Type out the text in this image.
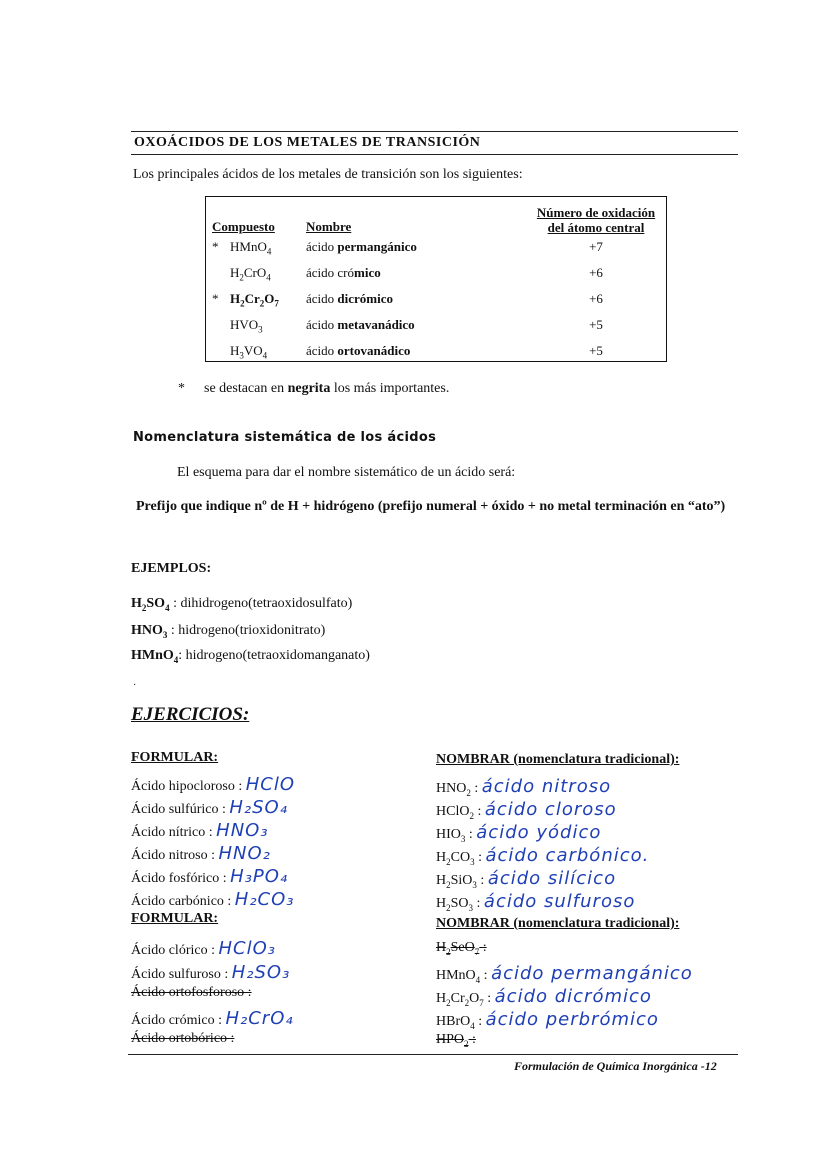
OXOÁCIDOS DE LOS METALES DE TRANSICIÓN
Los principales ácidos de los metales de transición son los siguientes:
Compuesto Nombre
Número de oxidación
del átomo central
* HMnO$_4$	ácido permangánico	+7
$H_2CrO_4$	ácido crómico	+6
* $H_2Cr_2O_7$ ácido dicrómico	+6
$HVO_3$	ácido metavanádico	+5
$H_3VO_4$	ácido ortovanádico	+5
* se destacan en negrita los más importantes.
Nomenclatura sistemática de los ácidos
El esquema para dar el nombre sistemático de un ácido será:
Prefijo que indique nº de H + hidrógeno (prefijo numeral + óxido + no metal terminación en “ato”)
EJEMPLOS:
$H_2SO_4$ : dihidrogeno(tetraoxidosulfato)
$HNO_3$ : hidrogeno(trioxidonitrato)
HMnO$_4$: hidrogeno(tetraoxidomanganato)
·
EJERCICIOS:
FORMULAR:	NOMBRAR (nomenclatura tradicional):
FORMULAR:	NOMBRAR (nomenclatura tradicional):
Ácido hipocloroso : HClO
Ácido sulfúrico : H₂SO₄
Ácido nítrico : HNO₃
Ácido nitroso : HNO₂
Ácido fosfórico : H₃PO₄
Ácido carbónico : H₂CO₃
Ácido clórico : HClO₃
Ácido sulfuroso : H₂SO₃
Ácido ortofosforoso :
Ácido crómico : H₂CrO₄
Ácido ortobórico :
$HNO_2$ : ácido nitroso
HClO$_2$ : ácido cloroso
$HIO_3$ : ácido yódico
$H_2CO_3$ : ácido carbónico.
$H_2SiO_3$ : ácido silícico
$H_2SO_3$ : ácido sulfuroso
$H_2SeO_7$ :
HMnO$_4$ : ácido permangánico
$H_2Cr_2O_7$ : ácido dicrómico
HBrO$_4$ : ácido perbrómico
$HPO_2$ :
Formulación de Química Inorgánica -12
